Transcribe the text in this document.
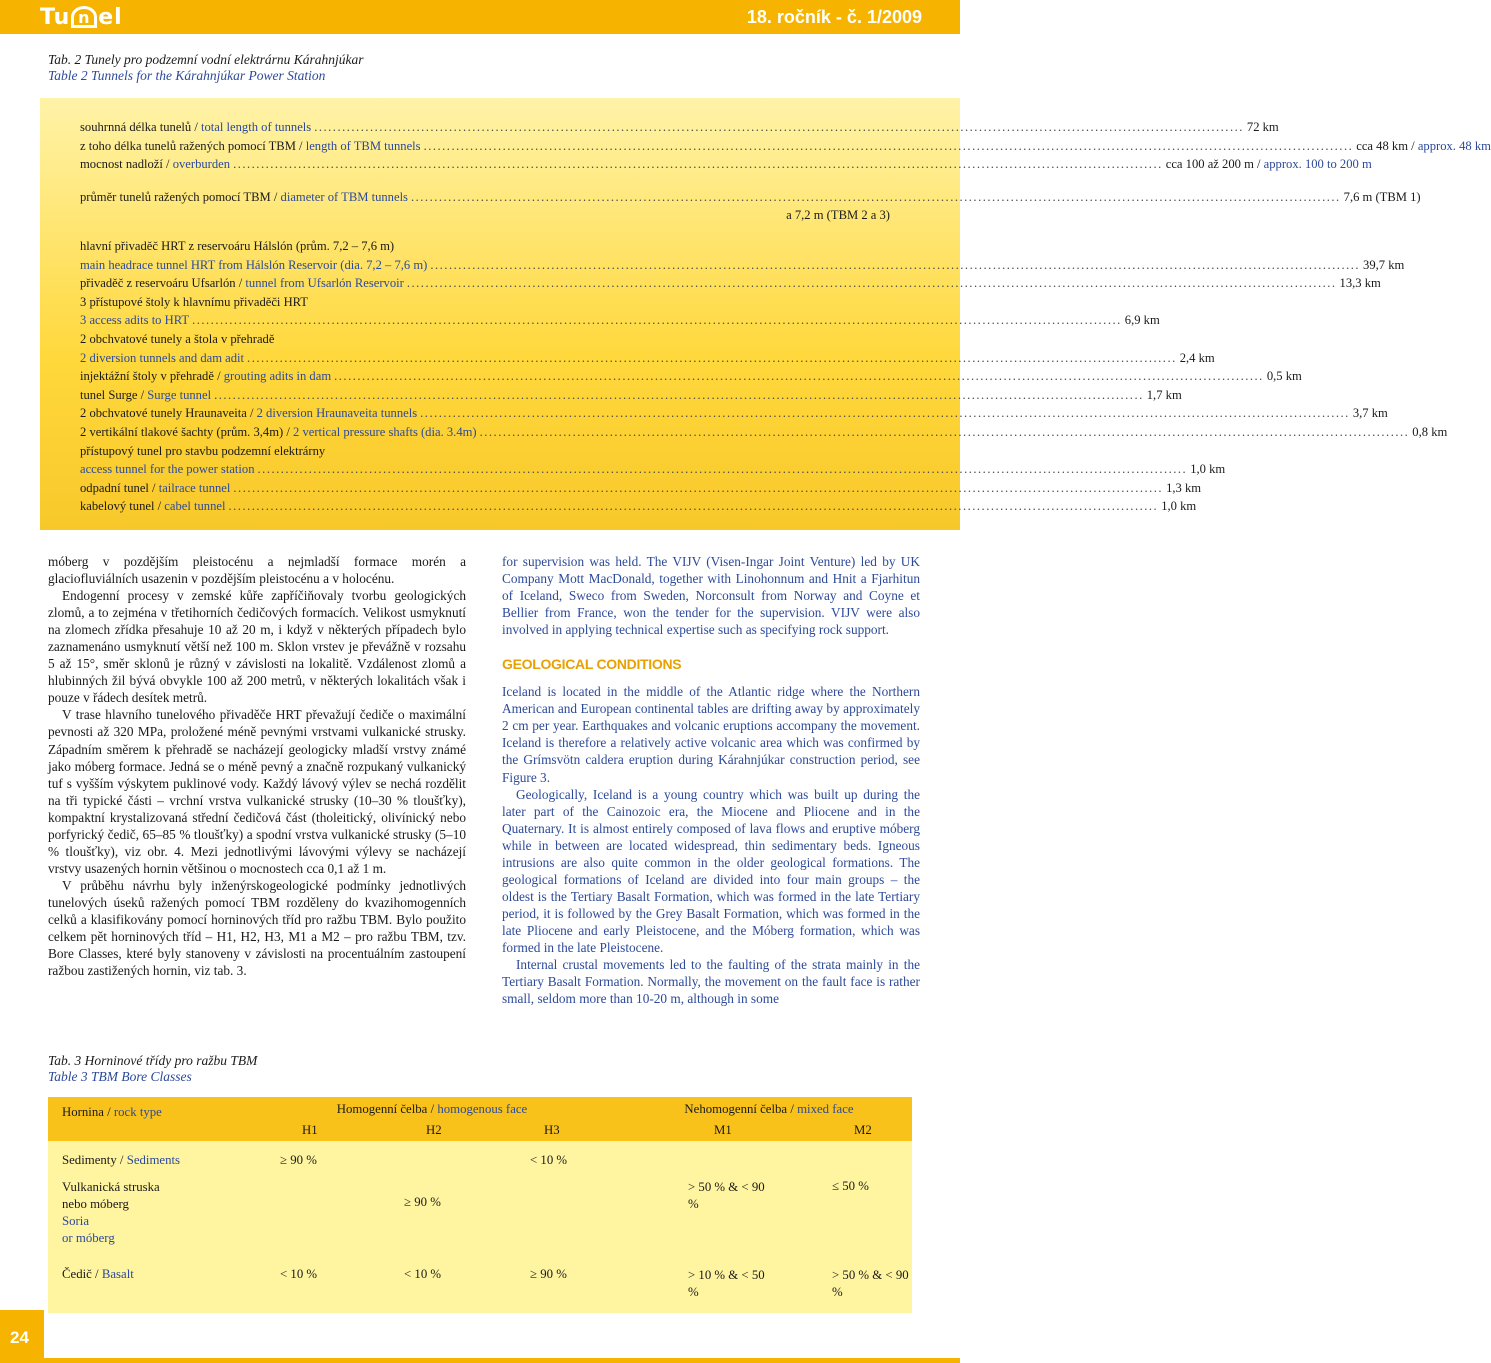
Tu n el	18. ročník - č. 1/2009
Tab. 2 Tunely pro podzemní vodní elektrárnu Kárahnjúkar
Table 2 Tunnels for the Kárahnjúkar Power Station
souhrnná délka tunelů / total length of tunnels ........................................................................................................................................................................................................ 72 km
z toho délka tunelů ražených pomocí TBM / length of TBM tunnels ........................................................................................................................................................................................................ cca 48 km / approx. 48 km
mocnost nadloží / overburden ........................................................................................................................................................................................................ cca 100 až 200 m / approx. 100 to 200 m
průměr tunelů ražených pomocí TBM / diameter of TBM tunnels ........................................................................................................................................................................................................ 7,6 m (TBM 1)
a 7,2 m (TBM 2 a 3)
hlavní přivaděč HRT z reservoáru Hálslón (prům. 7,2 – 7,6 m)
main headrace tunnel HRT from Hálslón Reservoir (dia. 7,2 – 7,6 m) ........................................................................................................................................................................................................ 39,7 km
přivaděč z reservoáru Ufsarlón / tunnel from Ufsarlón Reservoir ........................................................................................................................................................................................................ 13,3 km
3 přístupové štoly k hlavnímu přivaděči HRT
3 access adits to HRT ........................................................................................................................................................................................................ 6,9 km
2 obchvatové tunely a štola v přehradě
2 diversion tunnels and dam adit ........................................................................................................................................................................................................ 2,4 km
injektážní štoly v přehradě / grouting adits in dam ........................................................................................................................................................................................................ 0,5 km
tunel Surge / Surge tunnel ........................................................................................................................................................................................................ 1,7 km
2 obchvatové tunely Hraunaveita / 2 diversion Hraunaveita tunnels ........................................................................................................................................................................................................ 3,7 km
2 vertikální tlakové šachty (prům. 3,4m) / 2 vertical pressure shafts (dia. 3.4m) ........................................................................................................................................................................................................ 0,8 km
přístupový tunel pro stavbu podzemní elektrárny
access tunnel for the power station ........................................................................................................................................................................................................ 1,0 km
odpadní tunel / tailrace tunnel ........................................................................................................................................................................................................ 1,3 km
kabelový tunel / cabel tunnel ........................................................................................................................................................................................................ 1,0 km

móberg v pozdějším pleistocénu a nejmladší formace morén a glaciofluviálních usazenin v pozdějším pleistocénu a v holocénu.

Endogenní procesy v zemské kůře zapříčiňovaly tvorbu geologických zlomů, a to zejména v třetihorních čedičových formacích. Velikost usmyknutí na zlomech zřídka přesahuje 10 až 20 m, i když v některých případech bylo zaznamenáno usmyknutí větší než 100 m. Sklon vrstev je převážně v rozsahu 5 až 15°, směr sklonů je různý v závislosti na lokalitě. Vzdálenost zlomů a hlubinných žil bývá obvykle 100 až 200 metrů, v některých lokalitách však i pouze v řádech desítek metrů.

V trase hlavního tunelového přivaděče HRT převažují čediče o maximální pevnosti až 320 MPa, proložené méně pevnými vrstvami vulkanické strusky. Západním směrem k přehradě se nacházejí geologicky mladší vrstvy známé jako móberg formace. Jedná se o méně pevný a značně rozpukaný vulkanický tuf s vyšším výskytem puklinové vody. Každý lávový výlev se nechá rozdělit na tři typické části – vrchní vrstva vulkanické strusky (10–30 % tloušťky), kompaktní krystalizovaná střední čedičová část (tholeitický, olivínický nebo porfyrický čedič, 65–85 % tloušťky) a spodní vrstva vulkanické strusky (5–10 % tloušťky), viz obr. 4. Mezi jednotlivými lávovými výlevy se nacházejí vrstvy usazených hornin většinou o mocnostech cca 0,1 až 1 m.

V průběhu návrhu byly inženýrskogeologické podmínky jednotlivých tunelových úseků ražených pomocí TBM rozděleny do kvazihomogenních celků a klasifikovány pomocí horninových tříd pro ražbu TBM. Bylo použito celkem pět horninových tříd – H1, H2, H3, M1 a M2 – pro ražbu TBM, tzv. Bore Classes, které byly stanoveny v závislosti na procentuálním zastoupení ražbou zastižených hornin, viz tab. 3.

for supervision was held. The VIJV (Visen-Ingar Joint Venture) led by UK Company Mott MacDonald, together with Linohonnum and Hnit a Fjarhitun of Iceland, Sweco from Sweden, Norconsult from Norway and Coyne et Bellier from France, won the tender for the supervision. VIJV were also involved in applying technical expertise such as specifying rock support.

GEOLOGICAL CONDITIONS

Iceland is located in the middle of the Atlantic ridge where the Northern American and European continental tables are drifting away by approximately 2 cm per year. Earthquakes and volcanic eruptions accompany the movement. Iceland is therefore a relatively active volcanic area which was confirmed by the Grímsvötn caldera eruption during Kárahnjúkar construction period, see Figure 3.

Geologically, Iceland is a young country which was built up during the later part of the Cainozoic era, the Miocene and Pliocene and in the Quaternary. It is almost entirely composed of lava flows and eruptive móberg while in between are located widespread, thin sedimentary beds. Igneous intrusions are also quite common in the older geological formations. The geological formations of Iceland are divided into four main groups – the oldest is the Tertiary Basalt Formation, which was formed in the late Tertiary period, it is followed by the Grey Basalt Formation, which was formed in the late Pliocene and early Pleistocene, and the Móberg formation, which was formed in the late Pleistocene.

Internal crustal movements led to the faulting of the strata mainly in the Tertiary Basalt Formation. Normally, the movement on the fault face is rather small, seldom more than 10-20 m, although in some

Tab. 3 Horninové třídy pro ražbu TBM
Table 3 TBM Bore Classes
Hornina / rock type	Homogenní čelba / homogenous face			Nehomogenní čelba / mixed face	
	H1	H2	H3	M1	M2
Sedimenty / Sediments	≥ 90 %		< 10 %		

Vulkanická struska
nebo móberg
Soria
or móberg		≥ 90 %		> 50 % & < 90 %	≤ 50 %
Čedič / Basalt	< 10 %	< 10 %	≥ 90 %	> 10 % & < 50 %	> 50 % & < 90 %
24
